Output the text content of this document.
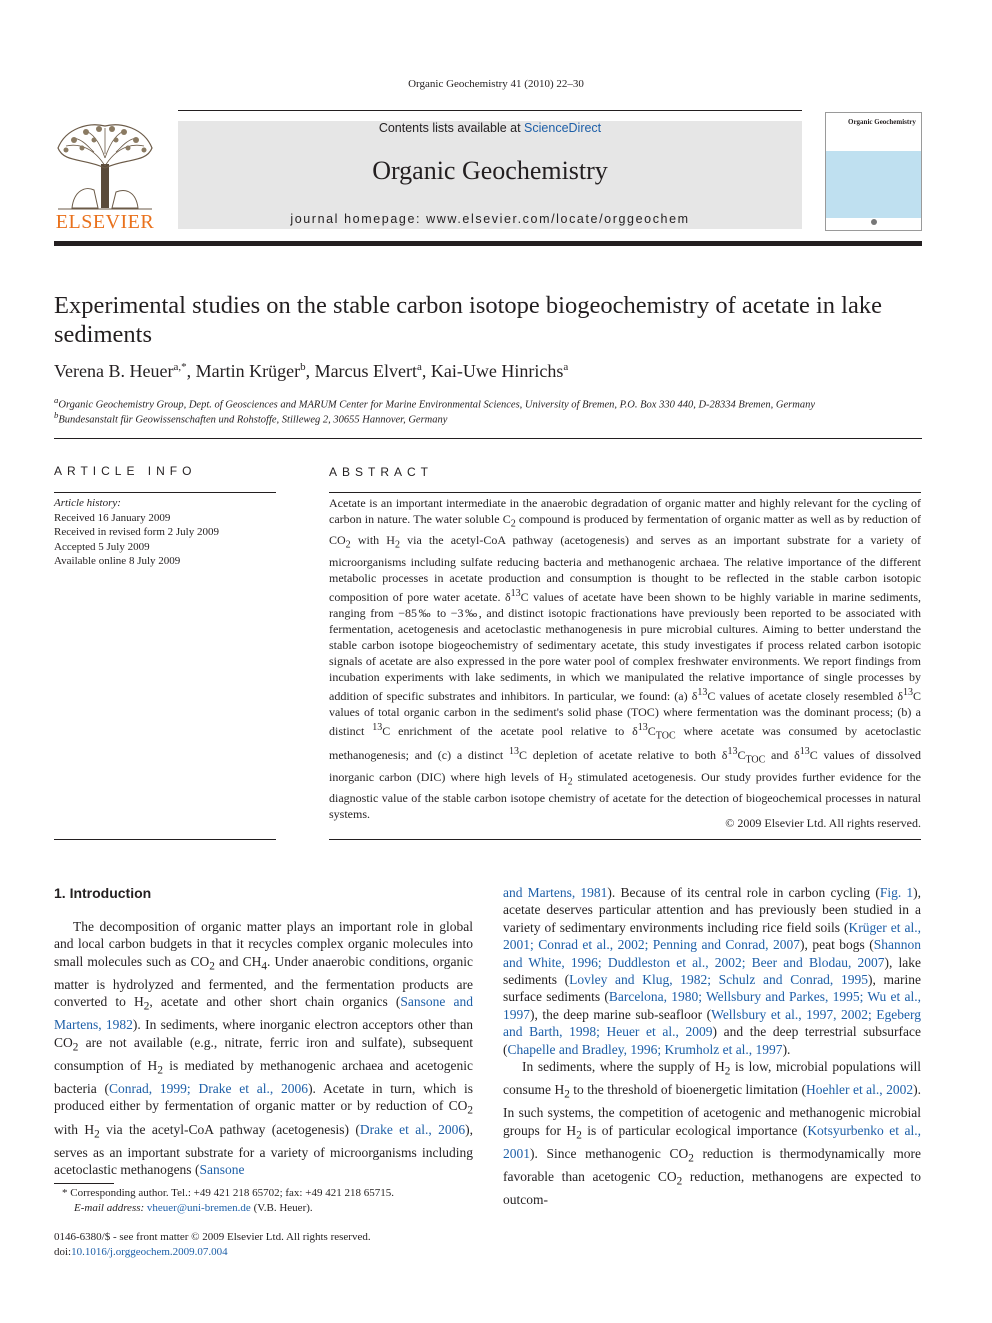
Organic Geochemistry 41 (2010) 22–30
ELSEVIER
Contents lists available at ScienceDirect
Organic Geochemistry
journal homepage: www.elsevier.com/locate/orggeochem
Organic Geochemistry
Experimental studies on the stable carbon isotope biogeochemistry of acetate in lake sediments
Verena B. Heuer$^{a,*}$, Martin Krüger$^b$, Marcus Elvert$^a$, Kai-Uwe Hinrichs$^a$
$^a$Organic Geochemistry Group, Dept. of Geosciences and MARUM Center for Marine Environmental Sciences, University of Bremen, P.O. Box 330 440, D-28334 Bremen, Germany
$^b$Bundesanstalt für Geowissenschaften und Rohstoffe, Stilleweg 2, 30655 Hannover, Germany
ARTICLE INFO
Article history:
Received 16 January 2009
Received in revised form 2 July 2009
Accepted 5 July 2009
Available online 8 July 2009
ABSTRACT
Acetate is an important intermediate in the anaerobic degradation of organic matter and highly relevant for the cycling of carbon in nature. The water soluble $C_2$ compound is produced by fermentation of organic matter as well as by reduction of $CO_2$ with $H_2$ via the acetyl-CoA pathway (acetogenesis) and serves as an important substrate for a variety of microorganisms including sulfate reducing bacteria and methanogenic archaea. The relative importance of the different metabolic processes in acetate production and consumption is thought to be reflected in the stable carbon isotopic composition of pore water acetate. $\delta^{13}C$ values of acetate have been shown to be highly variable in marine sediments, ranging from −85‰ to −3‰, and distinct isotopic fractionations have previously been reported to be associated with fermentation, acetogenesis and acetoclastic methanogenesis in pure microbial cultures. Aiming to better understand the stable carbon isotope biogeochemistry of sedimentary acetate, this study investigates if process related carbon isotopic signals of acetate are also expressed in the pore water pool of complex freshwater environments. We report findings from incubation experiments with lake sediments, in which we manipulated the relative importance of single processes by addition of specific substrates and inhibitors. In particular, we found: (a) $\delta^{13}C$ values of acetate closely resembled $\delta^{13}C$ values of total organic carbon in the sediment's solid phase (TOC) where fermentation was the dominant process; (b) a distinct $^{13}$C enrichment of the acetate pool relative to $\delta^{13}C_{TOC}$ where acetate was consumed by acetoclastic methanogenesis; and (c) a distinct $^{13}$C depletion of acetate relative to both $\delta^{13}C_{TOC}$ and $\delta^{13}C$ values of dissolved inorganic carbon (DIC) where high levels of $H_2$ stimulated acetogenesis. Our study provides further evidence for the diagnostic value of the stable carbon isotope chemistry of acetate for the detection of biogeochemical processes in natural systems.
© 2009 Elsevier Ltd. All rights reserved.
1. Introduction

The decomposition of organic matter plays an important role in global and local carbon budgets in that it recycles complex organic molecules into small molecules such as $CO_2$ and $CH_4$. Under anaerobic conditions, organic matter is hydrolyzed and fermented, and the fermentation products are converted to $H_2$, acetate and other short chain organics (Sansone and Martens, 1982). In sediments, where inorganic electron acceptors other than $CO_2$ are not available (e.g., nitrate, ferric iron and sulfate), subsequent consumption of $H_2$ is mediated by methanogenic archaea and acetogenic bacteria (Conrad, 1999; Drake et al., 2006). Acetate in turn, which is produced either by fermentation of organic matter or by reduction of $CO_2$ with $H_2$ via the acetyl-CoA pathway (acetogenesis) (Drake et al., 2006), serves as an important substrate for a variety of microorganisms including acetoclastic methanogens (Sansone

and Martens, 1981). Because of its central role in carbon cycling (Fig. 1), acetate deserves particular attention and has previously been studied in a variety of sedimentary environments including rice field soils (Krüger et al., 2001; Conrad et al., 2002; Penning and Conrad, 2007), peat bogs (Shannon and White, 1996; Duddleston et al., 2002; Beer and Blodau, 2007), lake sediments (Lovley and Klug, 1982; Schulz and Conrad, 1995), marine surface sediments (Barcelona, 1980; Wellsbury and Parkes, 1995; Wu et al., 1997), the deep marine sub-seafloor (Wellsbury et al., 1997, 2002; Egeberg and Barth, 1998; Heuer et al., 2009) and the deep terrestrial subsurface (Chapelle and Bradley, 1996; Krumholz et al., 1997).

In sediments, where the supply of $H_2$ is low, microbial populations will consume $H_2$ to the threshold of bioenergetic limitation (Hoehler et al., 2002). In such systems, the competition of acetogenic and methanogenic microbial groups for $H_2$ is of particular ecological importance (Kotsyurbenko et al., 2001). Since methanogenic $CO_2$ reduction is thermodynamically more favorable than acetogenic $CO_2$ reduction, methanogens are expected to outcom-

* Corresponding author. Tel.: +49 421 218 65702; fax: +49 421 218 65715.
E-mail address: vheuer@uni-bremen.de (V.B. Heuer).
0146-6380/$ - see front matter © 2009 Elsevier Ltd. All rights reserved.
doi:10.1016/j.orggeochem.2009.07.004
